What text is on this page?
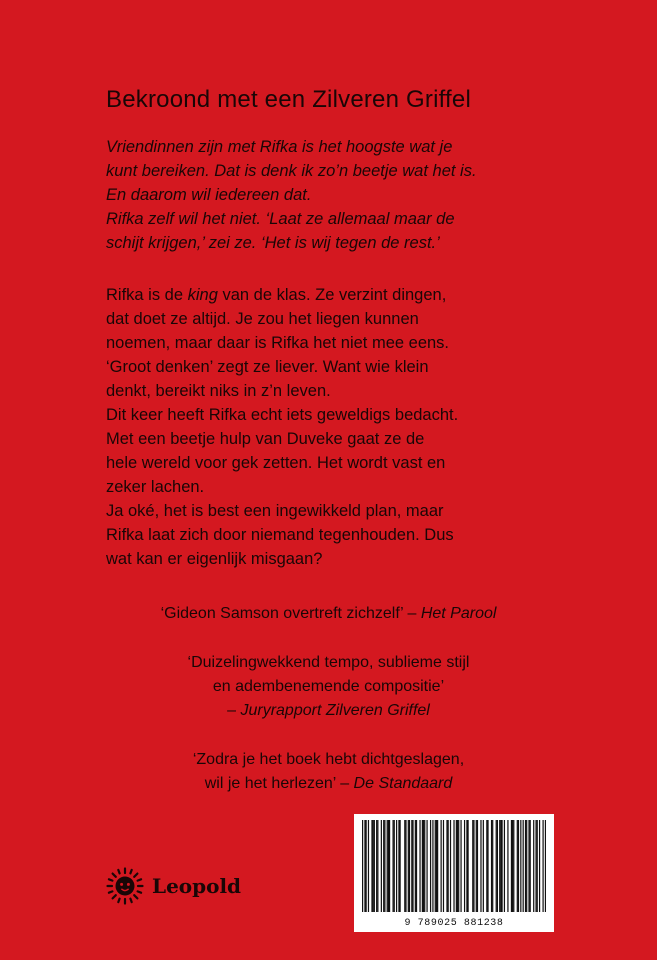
Bekroond met een Zilveren Griffel

Vriendinnen zijn met Rifka is het hoogste wat je

kunt bereiken. Dat is denk ik zo’n beetje wat het is.

En daarom wil iedereen dat.

Rifka zelf wil het niet. ‘Laat ze allemaal maar de

schijt krijgen,’ zei ze. ‘Het is wij tegen de rest.’

Rifka is de king van de klas. Ze verzint dingen,

dat doet ze altijd. Je zou het liegen kunnen

noemen, maar daar is Rifka het niet mee eens.

‘Groot denken’ zegt ze liever. Want wie klein

denkt, bereikt niks in z’n leven.

Dit keer heeft Rifka echt iets geweldigs bedacht.

Met een beetje hulp van Duveke gaat ze de

hele wereld voor gek zetten. Het wordt vast en

zeker lachen.

Ja oké, het is best een ingewikkeld plan, maar

Rifka laat zich door niemand tegenhouden. Dus

wat kan er eigenlijk misgaan?

‘Gideon Samson overtreft zichzelf’ – Het Parool
‘Duizelingwekkend tempo, sublieme stijl
en adembenemende compositie’
– Juryrapport Zilveren Griffel
‘Zodra je het boek hebt dichtgeslagen,
wil je het herlezen’ – De Standaard
Leopold
9 789025 881238
